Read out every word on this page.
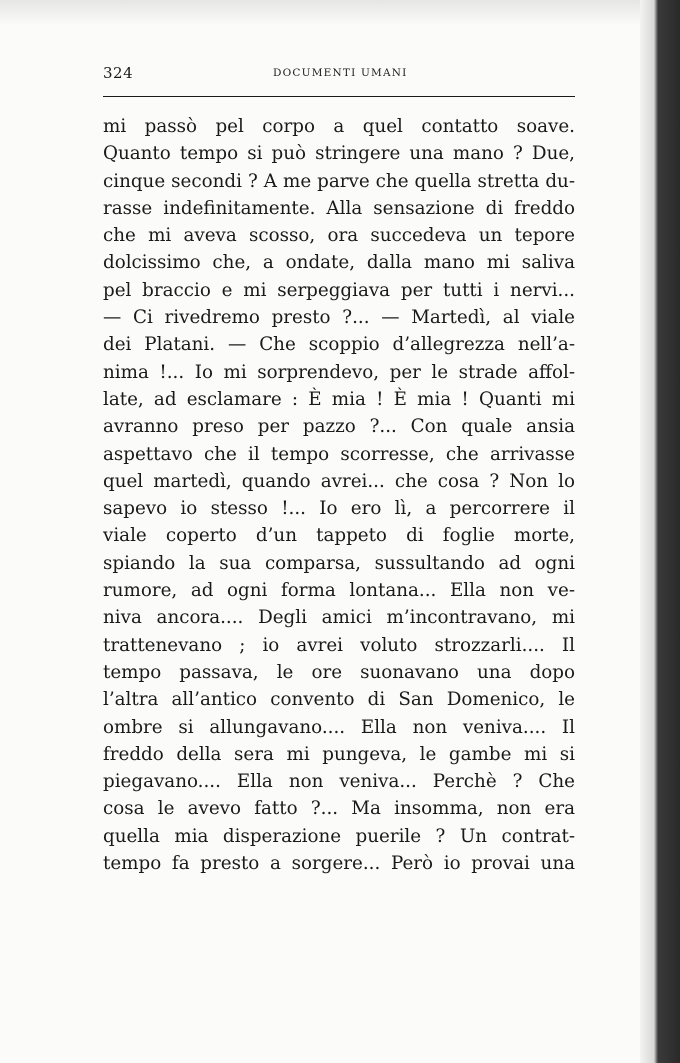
324	DOCUMENTI UMANI
mi passò pel corpo a quel contatto soave.
Quanto tempo si può stringere una mano ? Due,
cinque secondi ? A me parve che quella stretta du-
rasse indefinitamente. Alla sensazione di freddo
che mi aveva scosso, ora succedeva un tepore
dolcissimo che, a ondate, dalla mano mi saliva
pel braccio e mi serpeggiava per tutti i nervi...
— Ci rivedremo presto ?... — Martedì, al viale
dei Platani. — Che scoppio d’allegrezza nell’a-
nima !... Io mi sorprendevo, per le strade affol-
late, ad esclamare : È mia ! È mia ! Quanti mi
avranno preso per pazzo ?... Con quale ansia
aspettavo che il tempo scorresse, che arrivasse
quel martedì, quando avrei... che cosa ? Non lo
sapevo io stesso !... Io ero lì, a percorrere il
viale coperto d’un tappeto di foglie morte,
spiando la sua comparsa, sussultando ad ogni
rumore, ad ogni forma lontana... Ella non ve-
niva ancora.... Degli amici m’incontravano, mi
trattenevano ; io avrei voluto strozzarli.... Il
tempo passava, le ore suonavano una dopo
l’altra all’antico convento di San Domenico, le
ombre si allungavano.... Ella non veniva.... Il
freddo della sera mi pungeva, le gambe mi si
piegavano.... Ella non veniva... Perchè ? Che
cosa le avevo fatto ?... Ma insomma, non era
quella mia disperazione puerile ? Un contrat-
tempo fa presto a sorgere... Però io provai una
